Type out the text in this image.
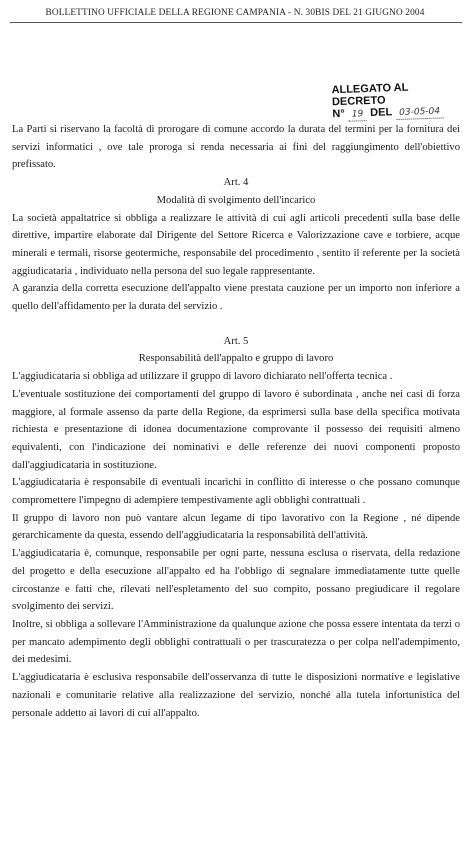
BOLLETTINO UFFICIALE DELLA REGIONE CAMPANIA - N. 30BIS DEL 21 GIUGNO 2004
ALLEGATO AL DECRETO
N° 19 DEL 03-05-04

La Parti si riservano la facoltà di prorogare di comune accordo la durata del termini per la fornitura dei servizi informatici , ove tale proroga si renda necessaria ai fini del raggiungimento dell'obiettivo prefissato.

Art. 4

Modalità di svolgimento dell'incarico

La società appaltatrice si obbliga a realizzare le attività di cui agli articoli precedenti sulla base delle direttive, impartire elaborate dal Dirigente del Settore Ricerca e Valorizzazione cave e torbiere, acque minerali e termali, risorse geotermiche, responsabile del procedimento , sentito il referente per la società aggiudicataria , individuato nella persona del suo legale rappresentante.

A garanzia della corretta esecuzione dell'appalto viene prestata cauzione per un importo non inferiore a quello dell'affidamento per la durata del servizio .

Art. 5

Responsabilità dell'appalto e gruppo di lavoro

L'aggiudicataria si obbliga ad utilizzare il gruppo di lavoro dichiarato nell'offerta tecnica .

L'eventuale sostituzione dei comportamenti del gruppo di lavoro è subordinata , anche nei casi di forza maggiore, al formale assenso da parte della Regione, da esprimersi sulla base della specifica motivata richiesta e presentazione di idonea documentazione comprovante il possesso dei requisiti almeno equivalenti, con l'indicazione dei nominativi e delle referenze dei nuovi componenti proposto dall'aggiudicataria in sostituzione.

L'aggiudicataria è responsabile di eventuali incarichi in conflitto di interesse o che possano comunque compromettere l'impegno di adempiere tempestivamente agli obblighi contrattuali .

Il gruppo di lavoro non può vantare alcun legame di tipo lavorativo con la Regione , né dipende gerarchicamente da questa, essendo dell'aggiudicataria la responsabilità dell'attività.

L'aggiudicataria è, comunque, responsabile per ogni parte, nessuna esclusa o riservata, della redazione del progetto e della esecuzione all'appalto ed ha l'obbligo di segnalare immediatamente tutte quelle circostanze e fatti che, rilevati nell'espletamento del suo compito, possano pregiudicare il regolare svolgimento dei servizi.

Inoltre, si obbliga a sollevare l'Amministrazione da qualunque azione che possa essere intentata da terzi o per mancato adempimento degli obblighi contrattuali o per trascuratezza o per colpa nell'adempimento, dei medesimi.

L'aggiudicataria è esclusiva responsabile dell'osservanza di tutte le disposizioni normative e legislative nazionali e comunitarie relative alla realizzazione del servizio, nonché alla tutela infortunistica del personale addetto ai lavori di cui all'appalto.
